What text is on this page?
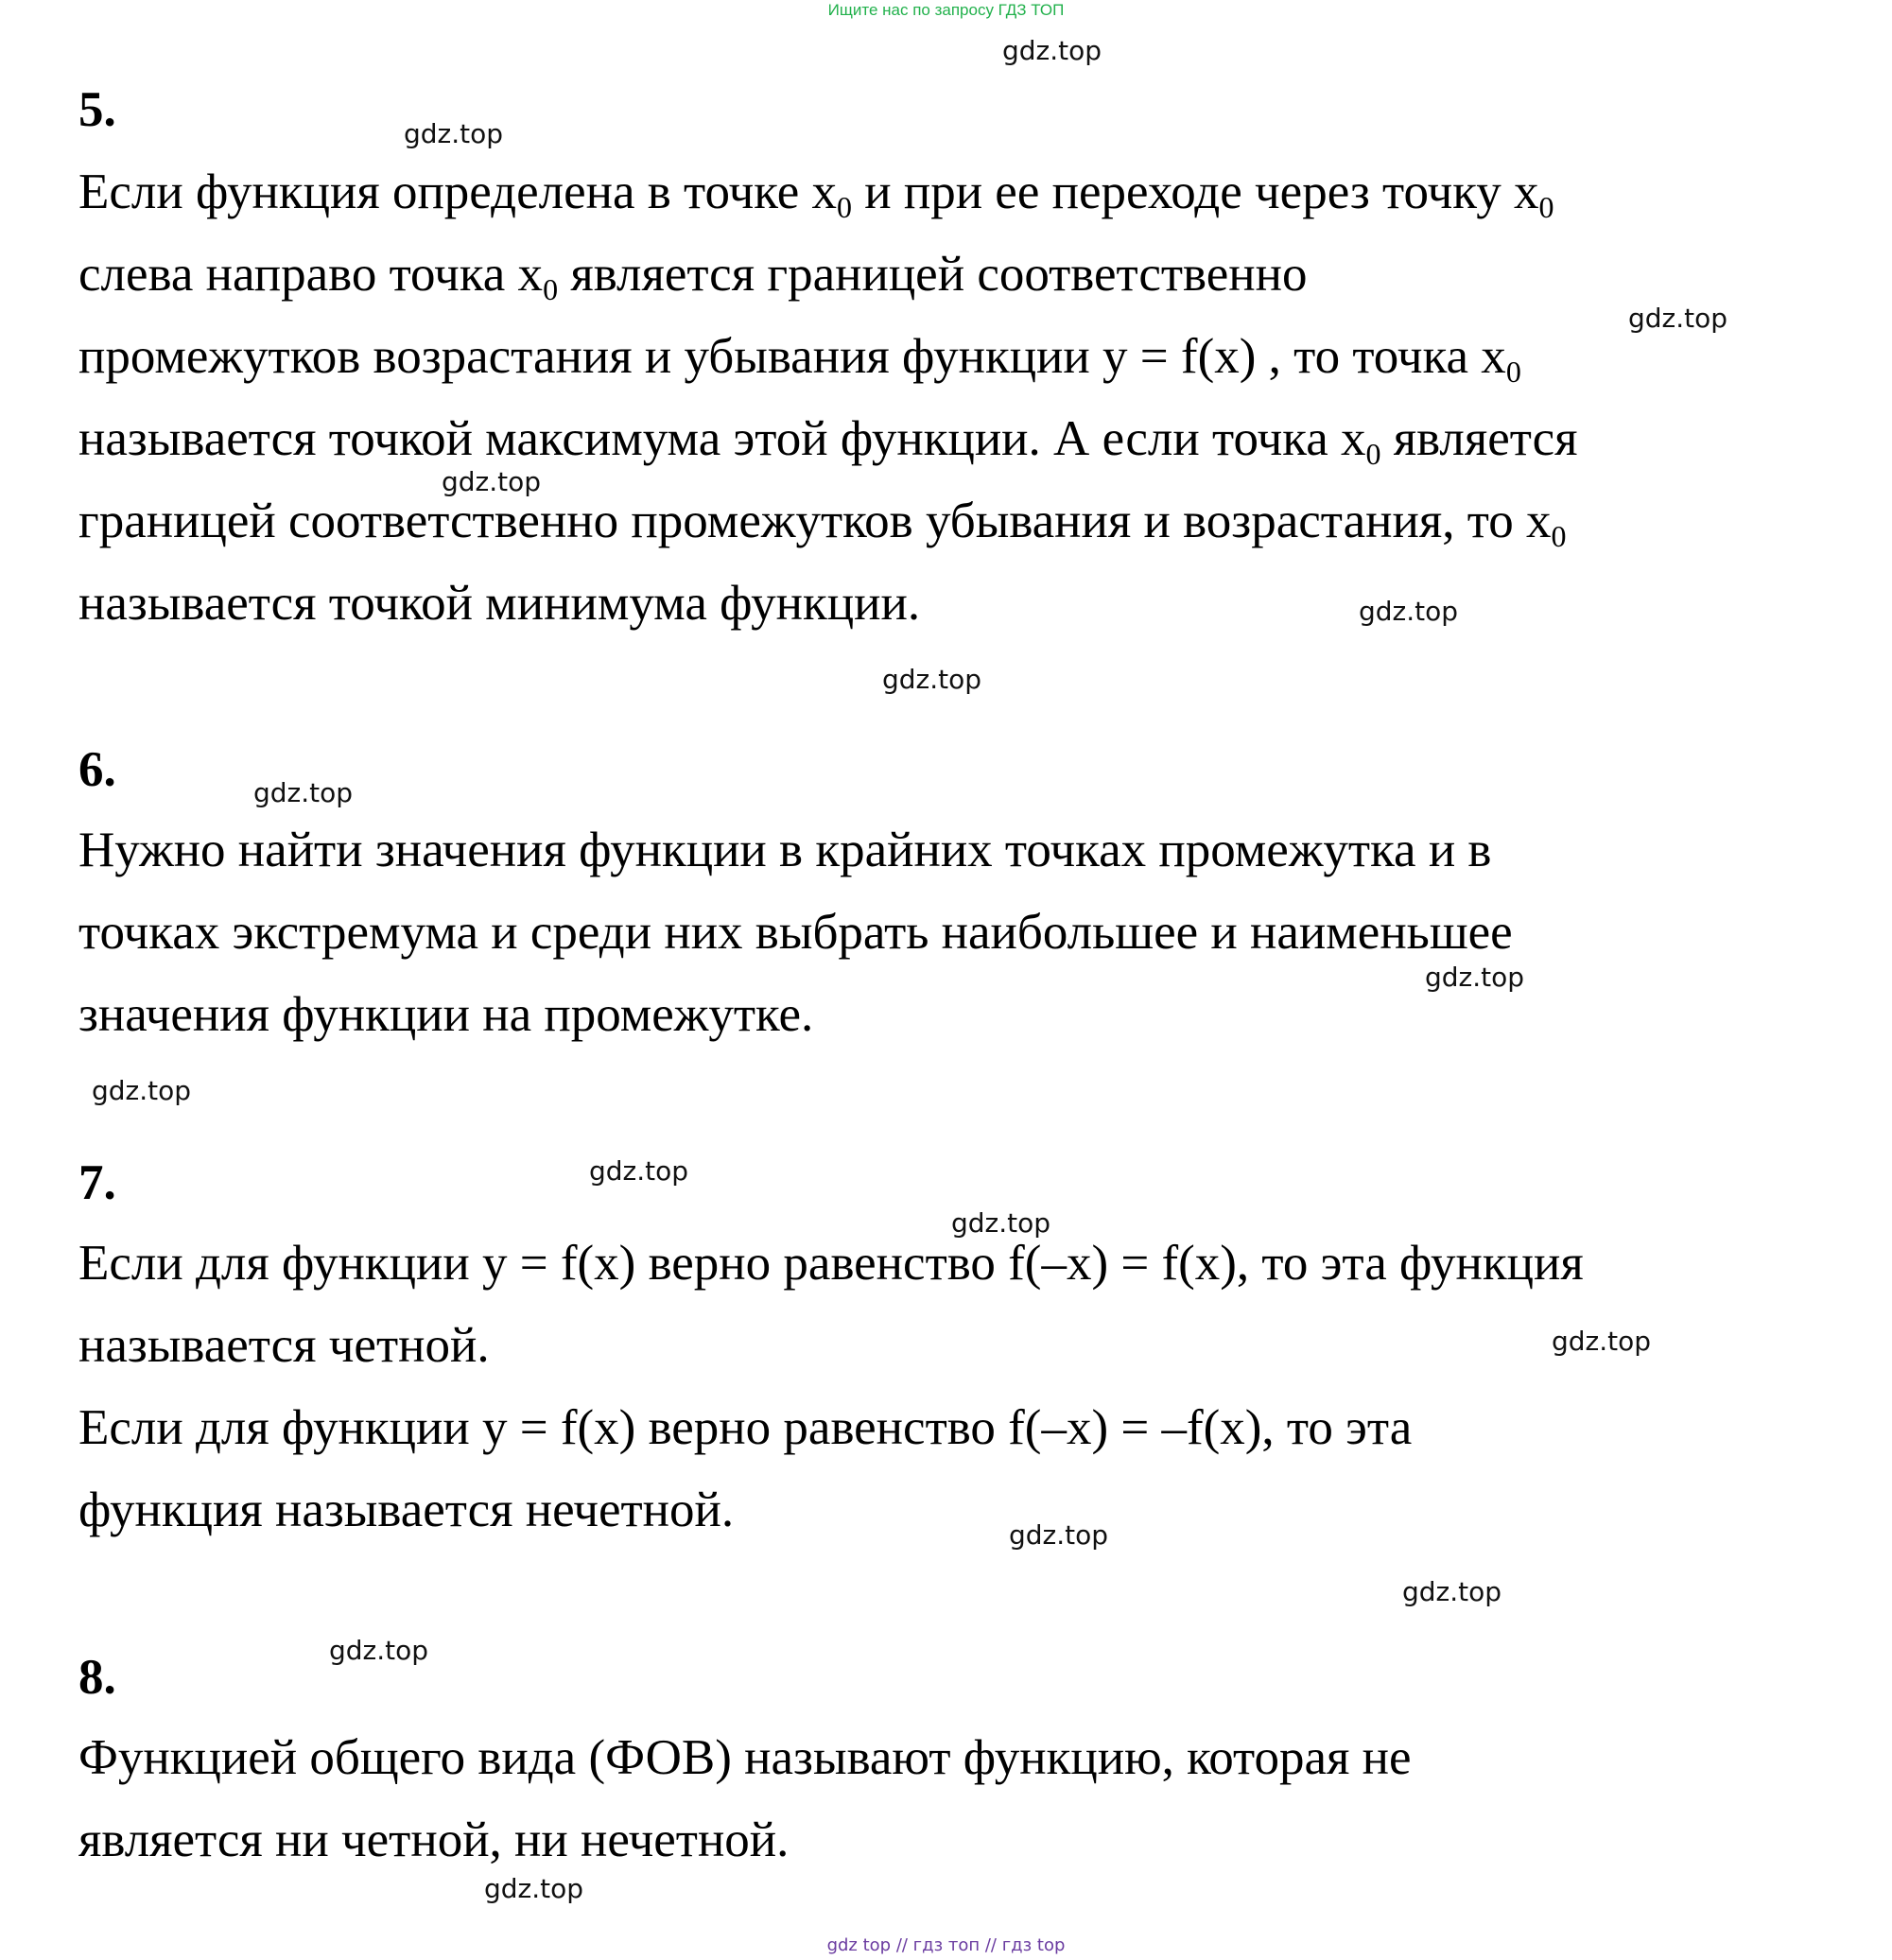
Ищите нас по запросу ГДЗ ТОП
gdz.top
gdz.top
gdz.top
gdz.top
gdz.top
gdz.top
gdz.top
gdz.top
gdz.top
gdz.top
gdz.top
gdz.top
gdz.top
gdz.top
gdz.top
gdz.top
5.
Если функция определена в точке $x_0$ и при ее переходе через точку $x_0$
слева направо точка $x_0$ является границей соответственно
промежутков возрастания и убывания функции y = f(x) , то точка $x_0$
называется точкой максимума этой функции. А если точка $x_0$ является
границей соответственно промежутков убывания и возрастания, то $x_0$
называется точкой минимума функции.
6.
Нужно найти значения функции в крайних точках промежутка и в
точках экстремума и среди них выбрать наибольшее и наименьшее
значения функции на промежутке.
7.
Если для функции y = f(x) верно равенство f(–x) = f(x), то эта функция
называется четной.
Если для функции y = f(x) верно равенство f(–x) = –f(x), то эта
функция называется нечетной.
8.
Функцией общего вида (ФОВ) называют функцию, которая не
является ни четной, ни нечетной.
gdz top // гдз топ // гдз top
